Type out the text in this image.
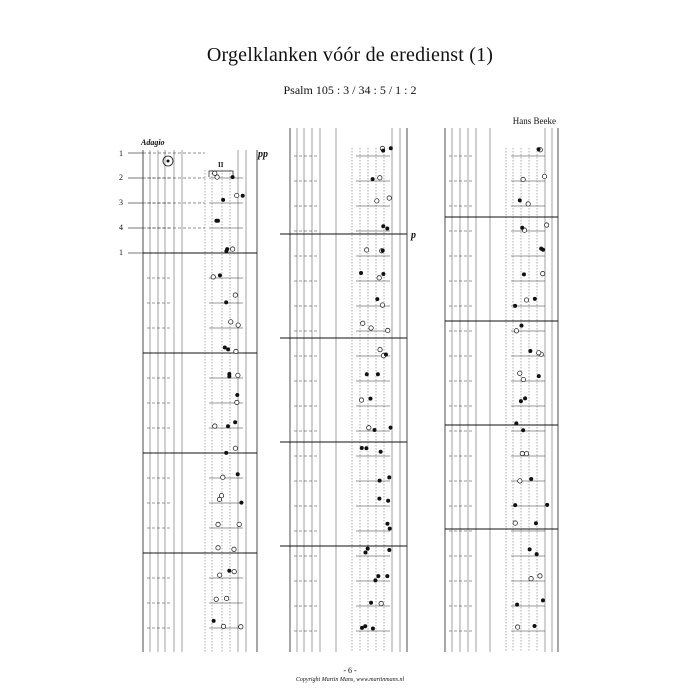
Orgelklanken vóór de eredienst (1)
Psalm 105 : 3 / 34 : 5 / 1 : 2
Hans Beeke
Adagio
pp
p
1
2
3
4
1
II
- 6 -
Copyright Martin Mans, www.martinmans.nl
